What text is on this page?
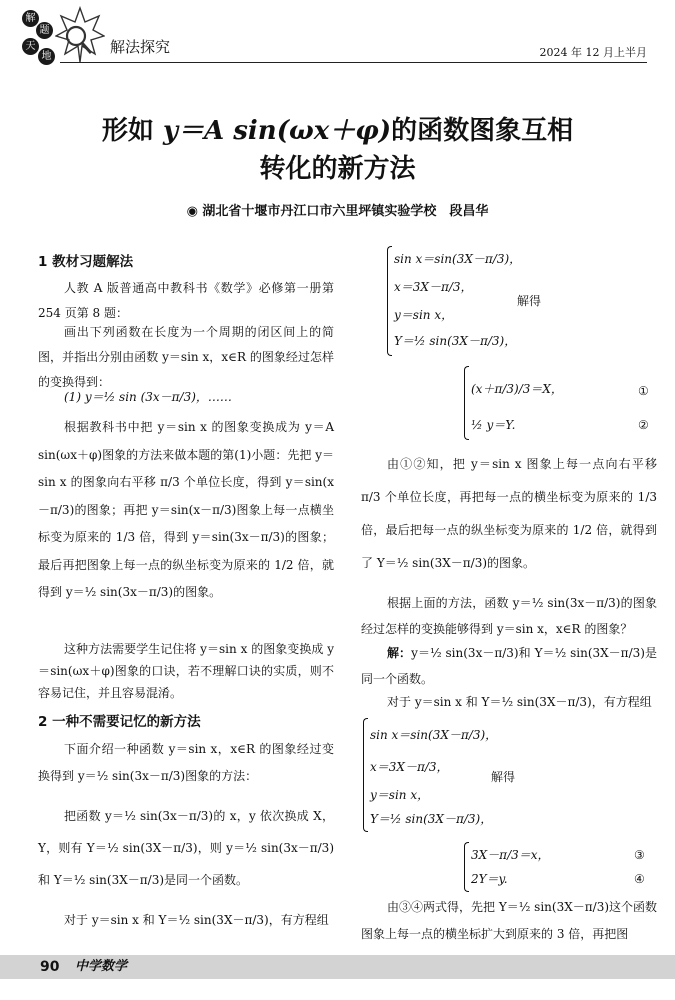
解
题
天
地
解法探究	2024 年 12 月上半月
形如 y＝A sin(ωx＋φ)的函数图象互相
转化的新方法
◉ 湖北省十堰市丹江口市六里坪镇实验学校　段昌华
1 教材习题解法
人教 A 版普通高中教科书《数学》必修第一册第 254 页第 8 题：
画出下列函数在长度为一个周期的闭区间上的简图，并指出分别由函数 y＝sin x，x∈R 的图象经过怎样的变换得到：
(1) y＝½ sin (3x－π/3)，……
根据教科书中把 y＝sin x 的图象变换成为 y＝A sin(ωx＋φ)图象的方法来做本题的第(1)小题：先把 y＝sin x 的图象向右平移 π/3 个单位长度，得到 y＝sin(x－π/3)的图象；再把 y＝sin(x－π/3)图象上每一点横坐标变为原来的 1/3 倍，得到 y＝sin(3x－π/3)的图象；最后再把图象上每一点的纵坐标变为原来的 1/2 倍，就得到 y＝½ sin(3x－π/3)的图象。
这种方法需要学生记住将 y＝sin x 的图象变换成 y＝sin(ωx＋φ)图象的口诀，若不理解口诀的实质，则不容易记住，并且容易混淆。
2 一种不需要记忆的新方法
下面介绍一种函数 y＝sin x，x∈R 的图象经过变换得到 y＝½ sin(3x－π/3)图象的方法：
把函数 y＝½ sin(3x－π/3)的 x，y 依次换成 X，Y，则有 Y＝½ sin(3X－π/3)，则 y＝½ sin(3x－π/3)和 Y＝½ sin(3X－π/3)是同一个函数。
对于 y＝sin x 和 Y＝½ sin(3X－π/3)，有方程组
sin x＝sin(3X－π/3)，
x＝3X－π/3，
y＝sin x，
Y＝½ sin(3X－π/3)，
解得
(x＋π/3)/3＝X，	①
½ y＝Y.	②
由①②知，把 y＝sin x 图象上每一点向右平移 π/3 个单位长度，再把每一点的横坐标变为原来的 1/3 倍，最后把每一点的纵坐标变为原来的 1/2 倍，就得到了 Y＝½ sin(3X－π/3)的图象。
根据上面的方法，函数 y＝½ sin(3x－π/3)的图象经过怎样的变换能够得到 y＝sin x，x∈R 的图象？
解：y＝½ sin(3x－π/3)和 Y＝½ sin(3X－π/3)是同一个函数。
对于 y＝sin x 和 Y＝½ sin(3X－π/3)，有方程组
sin x＝sin(3X－π/3)，
x＝3X－π/3，
y＝sin x，
Y＝½ sin(3X－π/3)，
解得
3X－π/3＝x，	③
2Y＝y.	④
由③④两式得，先把 Y＝½ sin(3X－π/3)这个函数图象上每一点的横坐标扩大到原来的 3 倍，再把图
90 中学数学
